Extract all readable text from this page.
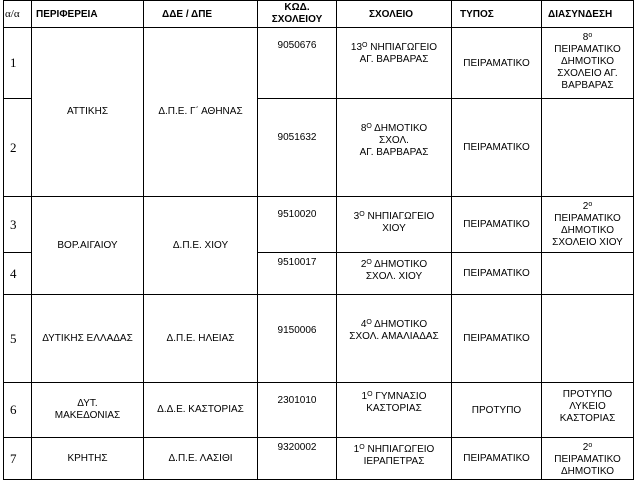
α/α	ΠΕΡΙΦΕΡΕΙΑ	ΔΔΕ / ΔΠΕ	ΚΩΔ.
ΣΧΟΛΕΙΟΥ	ΣΧΟΛΕΙΟ	ΤΥΠΟΣ	ΔΙΑΣΥΝΔΕΣΗ
1	ΑΤΤΙΚΗΣ	Δ.Π.Ε. Γ΄ ΑΘΗΝΑΣ	9050676	$13^O$ ΝΗΠΙΑΓΩΓΕΙΟ
ΑΓ. ΒΑΡΒΑΡΑΣ	ΠΕΙΡΑΜΑΤΙΚΟ	$8^o$
ΠΕΙΡΑΜΑΤΙΚΟ
ΔΗΜΟΤΙΚΟ
ΣΧΟΛΕΙΟ ΑΓ.
ΒΑΡΒΑΡΑΣ
2			9051632	$8^O$ ΔΗΜΟΤΙΚΟ
ΣΧΟΛ.
ΑΓ. ΒΑΡΒΑΡΑΣ	ΠΕΙΡΑΜΑΤΙΚΟ	
3	ΒΟΡ.ΑΙΓΑΙΟΥ	Δ.Π.Ε. ΧΙΟΥ	9510020	$3^O$ ΝΗΠΙΑΓΩΓΕΙΟ
ΧΙΟΥ	ΠΕΙΡΑΜΑΤΙΚΟ	$2^o$
ΠΕΙΡΑΜΑΤΙΚΟ
ΔΗΜΟΤΙΚΟ
ΣΧΟΛΕΙΟ ΧΙΟΥ
4			9510017	$2^O$ ΔΗΜΟΤΙΚΟ
ΣΧΟΛ. ΧΙΟΥ	ΠΕΙΡΑΜΑΤΙΚΟ	
5	ΔΥΤΙΚΗΣ ΕΛΛΑΔΑΣ	Δ.Π.Ε. ΗΛΕΙΑΣ	9150006	$4^O$ ΔΗΜΟΤΙΚΟ
ΣΧΟΛ. ΑΜΑΛΙΑΔΑΣ	ΠΕΙΡΑΜΑΤΙΚΟ	
6	ΔΥΤ.
ΜΑΚΕΔΟΝΙΑΣ	Δ.Δ.Ε. ΚΑΣΤΟΡΙΑΣ	2301010	$1^O$ ΓΥΜΝΑΣΙΟ
ΚΑΣΤΟΡΙΑΣ	ΠΡΟΤΥΠΟ	ΠΡΟΤΥΠΟ
ΛΥΚΕΙΟ
ΚΑΣΤΟΡΙΑΣ
7	ΚΡΗΤΗΣ	Δ.Π.Ε. ΛΑΣΙΘΙ	9320002	$1^O$ ΝΗΠΙΑΓΩΓΕΙΟ
ΙΕΡΑΠΕΤΡΑΣ	ΠΕΙΡΑΜΑΤΙΚΟ	$2^o$
ΠΕΙΡΑΜΑΤΙΚΟ
ΔΗΜΟΤΙΚΟ
